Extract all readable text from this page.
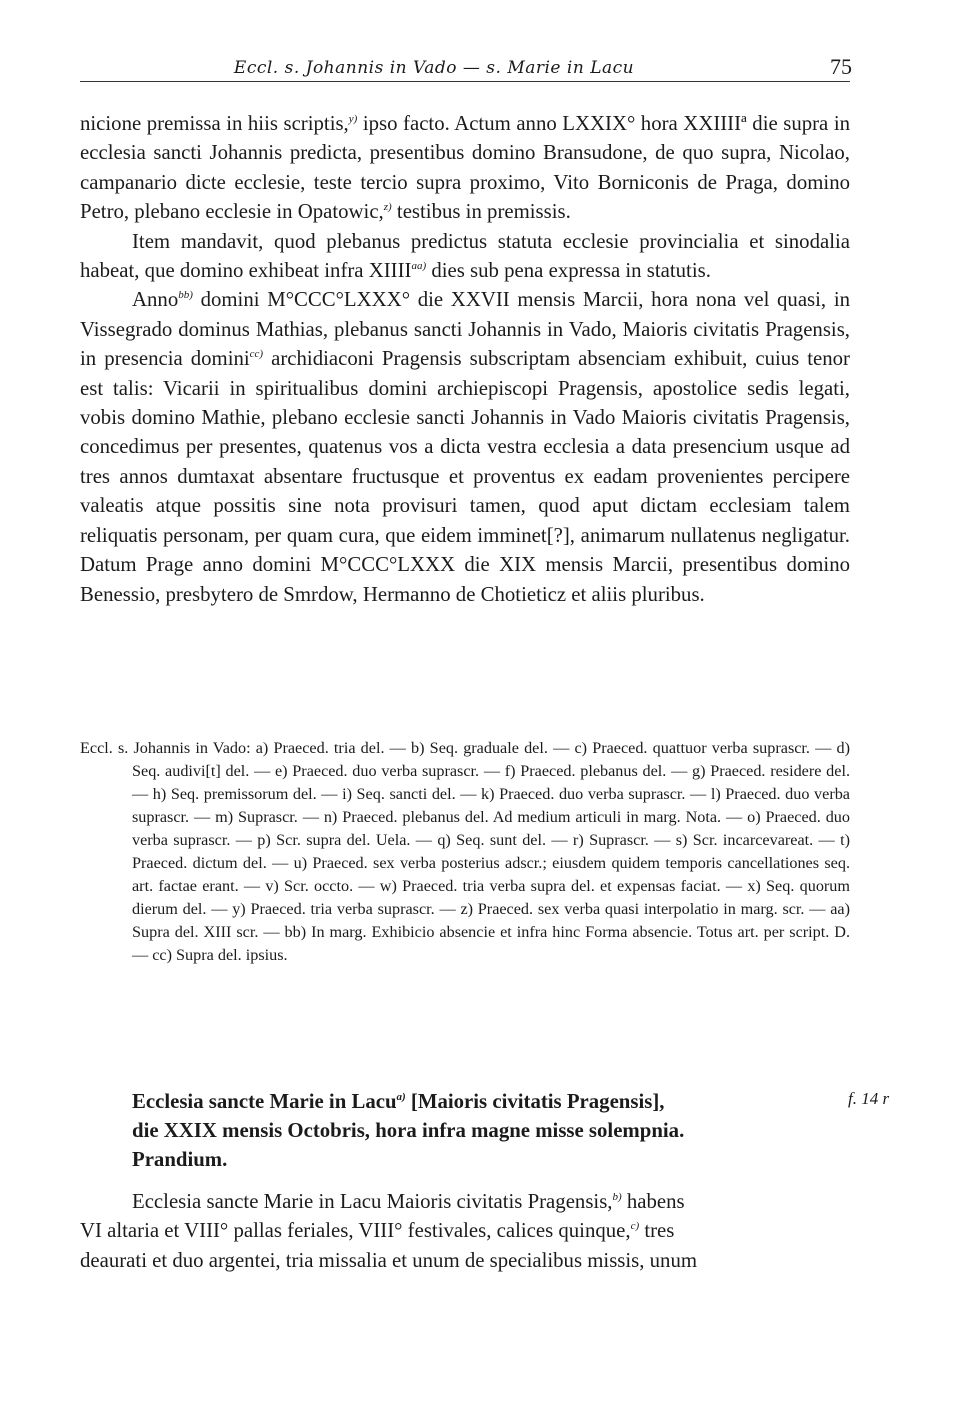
Eccl. s. Johannis in Vado — s. Marie in Lacu	75

nicione premissa in hiis scriptis,$^{y)}$ ipso facto. Actum anno LXXIX° hora XXIIIIª die supra in ecclesia sancti Johannis predicta, presentibus domino Bransudone, de quo supra, Nicolao, campanario dicte ecclesie, teste tercio supra proximo, Vito Borniconis de Praga, domino Petro, plebano ecclesie in Opatowic,$^{z)}$ testibus in premissis.

Item mandavit, quod plebanus predictus statuta ecclesie provincialia et sinodalia habeat, que domino exhibeat infra $XIIII^{aa)}$ dies sub pena expressa in statutis.

Anno$^{bb)}$ domini M°CCC°LXXX° die XXVII mensis Marcii, hora nona vel quasi, in Vissegrado dominus Mathias, plebanus sancti Johannis in Vado, Maioris civitatis Pragensis, in presencia domini$^{cc)}$ archidiaconi Pragensis subscriptam absenciam exhibuit, cuius tenor est talis: Vicarii in spiritualibus domini archiepiscopi Pragensis, apostolice sedis legati, vobis domino Mathie, plebano ecclesie sancti Johannis in Vado Maioris civitatis Pragensis, concedimus per presentes, quatenus vos a dicta vestra ecclesia a data presencium usque ad tres annos dumtaxat absentare fructusque et proventus ex eadam provenientes percipere valeatis atque possitis sine nota provisuri tamen, quod aput dictam ecclesiam talem reliquatis personam, per quam cura, que eidem imminet[?], animarum nullatenus negligatur. Datum Prage anno domini M°CCC°LXXX die XIX mensis Marcii, presentibus domino Benessio, presbytero de Smrdow, Hermanno de Chotieticz et aliis pluribus.

Eccl. s. Johannis in Vado: a) Praeced. tria del. — b) Seq. graduale del. — c) Praeced. quattuor verba suprascr. — d) Seq. audivi[t] del. — e) Praeced. duo verba suprascr. — f) Praeced. plebanus del. — g) Praeced. residere del. — h) Seq. premissorum del. — i) Seq. sancti del. — k) Praeced. duo verba suprascr. — l) Praeced. duo verba suprascr. — m) Suprascr. — n) Praeced. plebanus del. Ad medium articuli in marg. Nota. — o) Praeced. duo verba suprascr. — p) Scr. supra del. Uela. — q) Seq. sunt del. — r) Suprascr. — s) Scr. incarcevareat. — t) Praeced. dictum del. — u) Praeced. sex verba posterius adscr.; eiusdem quidem temporis cancellationes seq. art. factae erant. — v) Scr. occto. — w) Praeced. tria verba supra del. et expensas faciat. — x) Seq. quorum dierum del. — y) Praeced. tria verba suprascr. — z) Praeced. sex verba quasi interpolatio in marg. scr. — aa) Supra del. XIII scr. — bb) In marg. Exhibicio absencie et infra hinc Forma absencie. Totus art. per script. D. — cc) Supra del. ipsius.

Ecclesia sancte Marie in Lacu$^{a)}$ [Maioris civitatis Pragensis],
die XXIX mensis Octobris, hora infra magne misse solempnia.
Prandium.
f. 14 r
Ecclesia sancte Marie in Lacu Maioris civitatis Pragensis,$^{b)}$ habens
VI altaria et VIII° pallas feriales, VIII° festivales, calices quinque,$^{c)}$ tres
deaurati et duo argentei, tria missalia et unum de specialibus missis, unum
